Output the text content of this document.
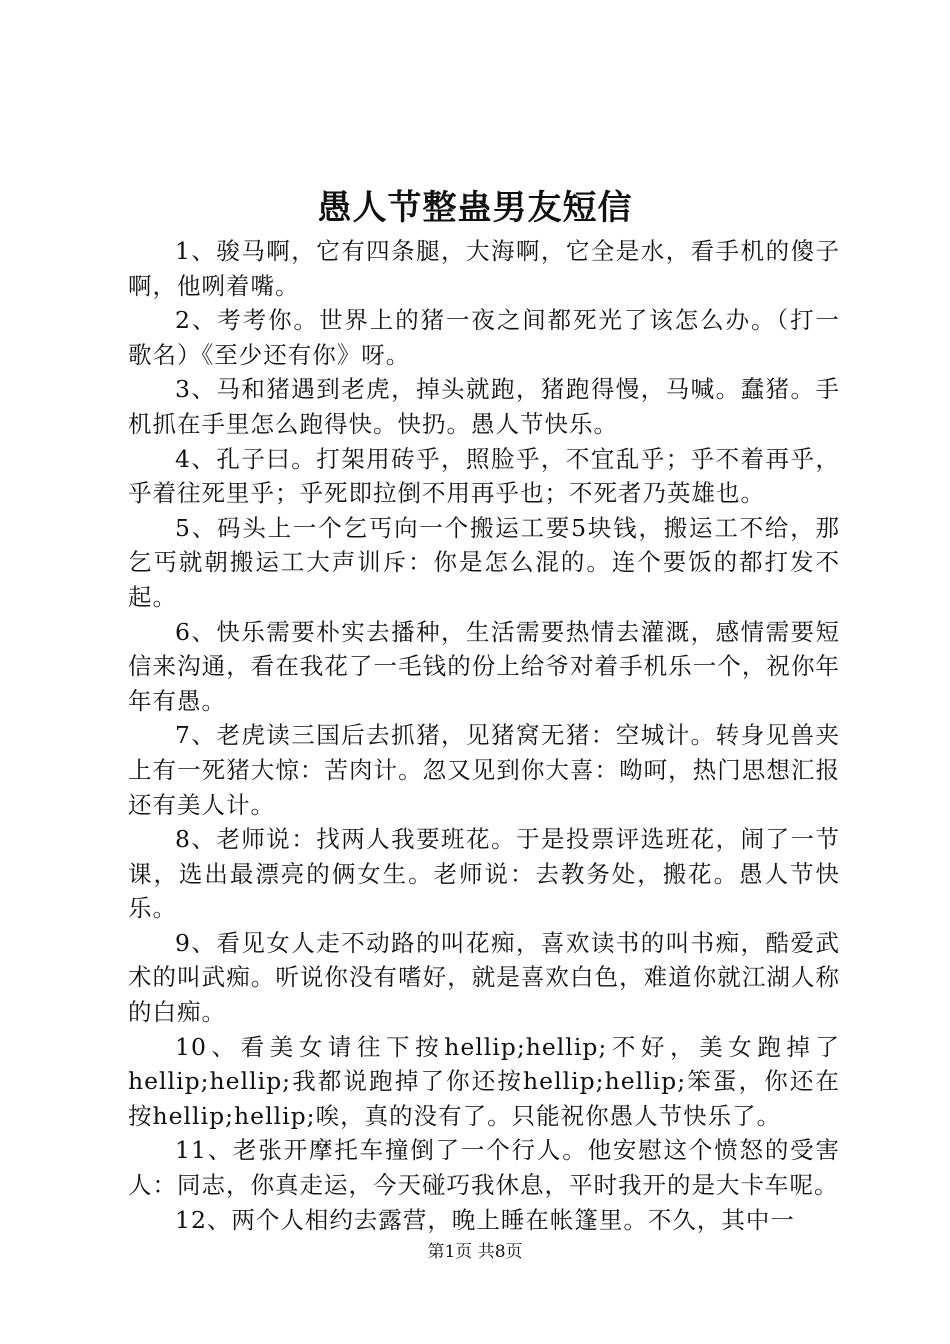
愚人节整蛊男友短信

1、骏马啊，它有四条腿，大海啊，它全是水，看手机的傻子啊，他咧着嘴。

2、考考你。世界上的猪一夜之间都死光了该怎么办。（打一歌名）《至少还有你》呀。

3、马和猪遇到老虎，掉头就跑，猪跑得慢，马喊。蠢猪。手机抓在手里怎么跑得快。快扔。愚人节快乐。

4、孔子曰。打架用砖乎，照脸乎，不宜乱乎；乎不着再乎，乎着往死里乎；乎死即拉倒不用再乎也；不死者乃英雄也。

5、码头上一个乞丐向一个搬运工要5块钱，搬运工不给，那乞丐就朝搬运工大声训斥：你是怎么混的。连个要饭的都打发不起。

6、快乐需要朴实去播种，生活需要热情去灌溉，感情需要短信来沟通，看在我花了一毛钱的份上给爷对着手机乐一个，祝你年年有愚。

7、老虎读三国后去抓猪，见猪窝无猪：空城计。转身见兽夹上有一死猪大惊：苦肉计。忽又见到你大喜：呦呵，热门思想汇报还有美人计。

8、老师说：找两人我要班花。于是投票评选班花，闹了一节课，选出最漂亮的俩女生。老师说：去教务处，搬花。愚人节快乐。

9、看见女人走不动路的叫花痴，喜欢读书的叫书痴，酷爱武术的叫武痴。听说你没有嗜好，就是喜欢白色，难道你就江湖人称的白痴。

10、看美女请往下按hellip;hellip;不好，美女跑掉了hellip;hellip;我都说跑掉了你还按hellip;hellip;笨蛋，你还在按hellip;hellip;唉，真的没有了。只能祝你愚人节快乐了。

11、老张开摩托车撞倒了一个行人。他安慰这个愤怒的受害人：同志，你真走运，今天碰巧我休息，平时我开的是大卡车呢。

12、两个人相约去露营，晚上睡在帐篷里。不久，其中一

第1页 共8页
